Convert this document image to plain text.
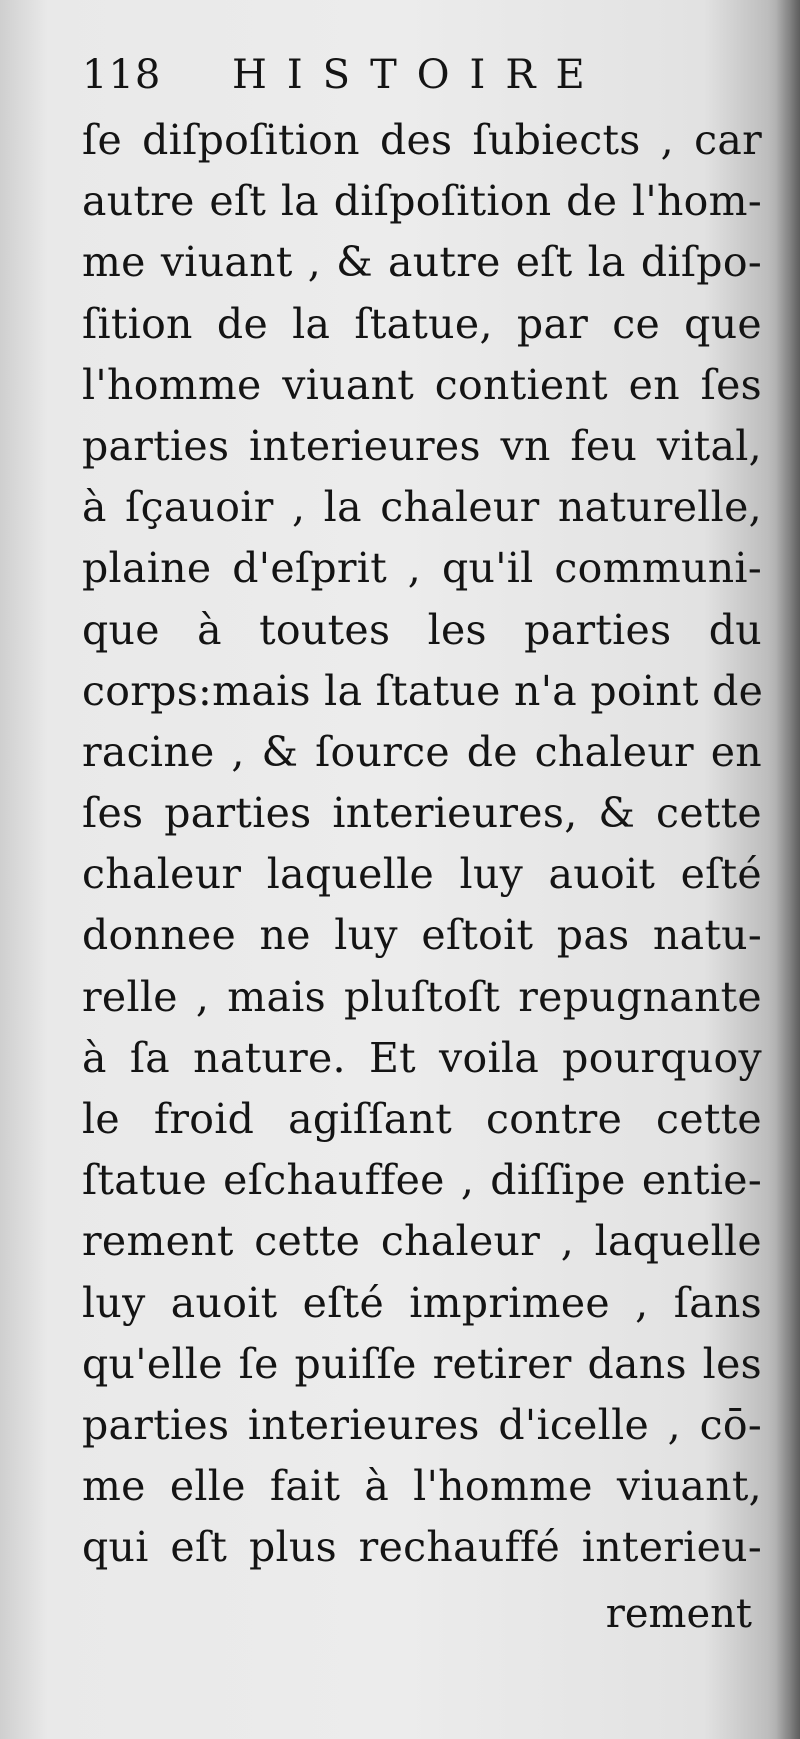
118	HISTOIRE
ſe diſpoſition des ſubiects , car
autre eſt la diſpoſition de l'hom-
me viuant , & autre eſt la diſpo-
ſition de la ſtatue, par ce que
l'homme viuant contient en ſes
parties interieures vn feu vital,
à ſçauoir , la chaleur naturelle,
plaine d'eſprit , qu'il communi-
que à toutes les parties du
corps:mais la ſtatue n'a point de
racine , & ſource de chaleur en
ſes parties interieures, & cette
chaleur laquelle luy auoit eſté
donnee ne luy eſtoit pas natu-
relle , mais pluſtoſt repugnante
à ſa nature. Et voila pourquoy
le froid agiſſant contre cette
ſtatue eſchauffee , diſſipe entie-
rement cette chaleur , laquelle
luy auoit eſté imprimee , ſans
qu'elle ſe puiſſe retirer dans les
parties interieures d'icelle , cō-
me elle fait à l'homme viuant,
qui eſt plus rechauffé interieu-
rement
